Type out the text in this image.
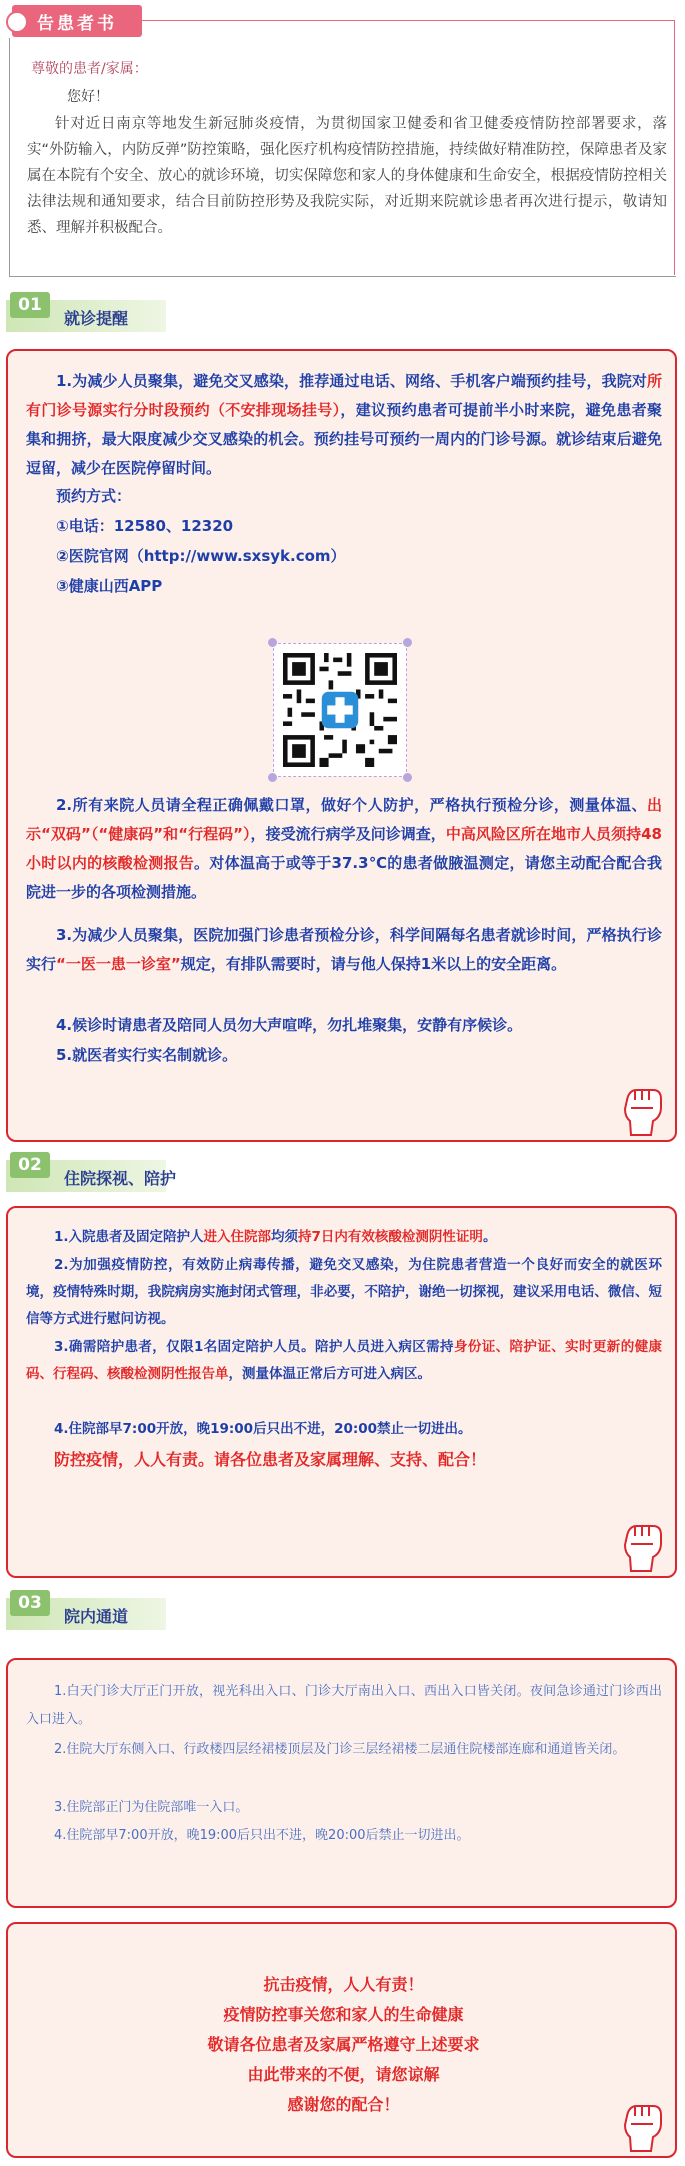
告患者书
尊敬的患者/家属：
您好！
针对近日南京等地发生新冠肺炎疫情，为贯彻国家卫健委和省卫健委疫情防控部署要求，落实“外防输入，内防反弹”防控策略，强化医疗机构疫情防控措施，持续做好精准防控，保障患者及家属在本院有个安全、放心的就诊环境，切实保障您和家人的身体健康和生命安全，根据疫情防控相关法律法规和通知要求，结合目前防控形势及我院实际，对近期来院就诊患者再次进行提示，敬请知悉、理解并积极配合。
01
就诊提醒
1.为减少人员聚集，避免交叉感染，推荐通过电话、网络、手机客户端预约挂号，我院对所有门诊号源实行分时段预约（不安排现场挂号），建议预约患者可提前半小时来院，避免患者聚集和拥挤，最大限度减少交叉感染的机会。预约挂号可预约一周内的门诊号源。就诊结束后避免逗留，减少在医院停留时间。
预约方式：
①电话：12580、12320
②医院官网（http://www.sxsyk.com）
③健康山西APP
2.所有来院人员请全程正确佩戴口罩，做好个人防护，严格执行预检分诊，测量体温、出示“双码”（“健康码”和“行程码”），接受流行病学及问诊调查，中高风险区所在地市人员须持48小时以内的核酸检测报告。对体温高于或等于37.3℃的患者做腋温测定，请您主动配合配合我院进一步的各项检测措施。
3.为减少人员聚集，医院加强门诊患者预检分诊，科学间隔每名患者就诊时间，严格执行诊实行“一医一患一诊室”规定，有排队需要时，请与他人保持1米以上的安全距离。
4.候诊时请患者及陪同人员勿大声喧哗，勿扎堆聚集，安静有序候诊。
5.就医者实行实名制就诊。
02
住院探视、陪护
1.入院患者及固定陪护人进入住院部均须持7日内有效核酸检测阴性证明。
2.为加强疫情防控，有效防止病毒传播，避免交叉感染，为住院患者营造一个良好而安全的就医环境，疫情特殊时期，我院病房实施封闭式管理，非必要，不陪护，谢绝一切探视，建议采用电话、微信、短信等方式进行慰问访视。
3.确需陪护患者，仅限1名固定陪护人员。陪护人员进入病区需持身份证、陪护证、实时更新的健康码、行程码、核酸检测阴性报告单，测量体温正常后方可进入病区。
4.住院部早7:00开放，晚19:00后只出不进，20:00禁止一切进出。
防控疫情，人人有责。请各位患者及家属理解、支持、配合！
03
院内通道
1.白天门诊大厅正门开放，视光科出入口、门诊大厅南出入口、西出入口皆关闭。夜间急诊通过门诊西出入口进入。
2.住院大厅东侧入口、行政楼四层经裙楼顶层及门诊三层经裙楼二层通住院楼部连廊和通道皆关闭。
3.住院部正门为住院部唯一入口。
4.住院部早7:00开放，晚19:00后只出不进，晚20:00后禁止一切进出。
抗击疫情，人人有责！
疫情防控事关您和家人的生命健康
敬请各位患者及家属严格遵守上述要求
由此带来的不便，请您谅解
感谢您的配合！
